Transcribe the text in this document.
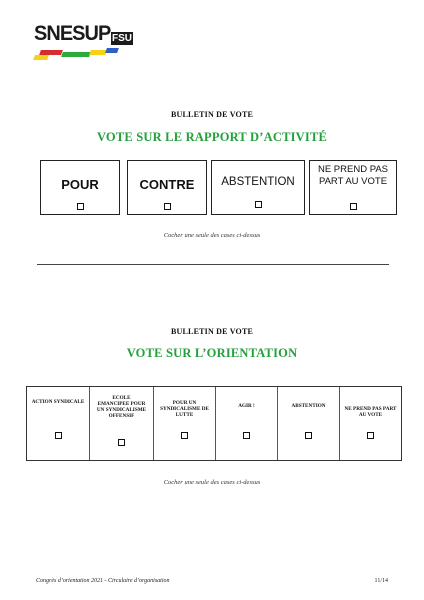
SNESUP FSU
BULLETIN DE VOTE
VOTE SUR LE RAPPORT D’ACTIVITÉ
POUR	CONTRE	ABSTENTION
NE PREND PAS PART AU VOTE
Cocher une seule des cases ci-dessus
BULLETIN DE VOTE
VOTE SUR L’ORIENTATION
ACTION SYNDICALE
ECOLE EMANCIPEE POUR UN SYNDICALISME OFFENSIF
POUR UN SYNDICALISME DE LUTTE
AGIR !	ABSTENTION	NE PREND PAS PART AU VOTE
Cocher une seule des cases ci-dessus
Congrès d’orientation 2021 - Circulaire d’organisation	11/14
